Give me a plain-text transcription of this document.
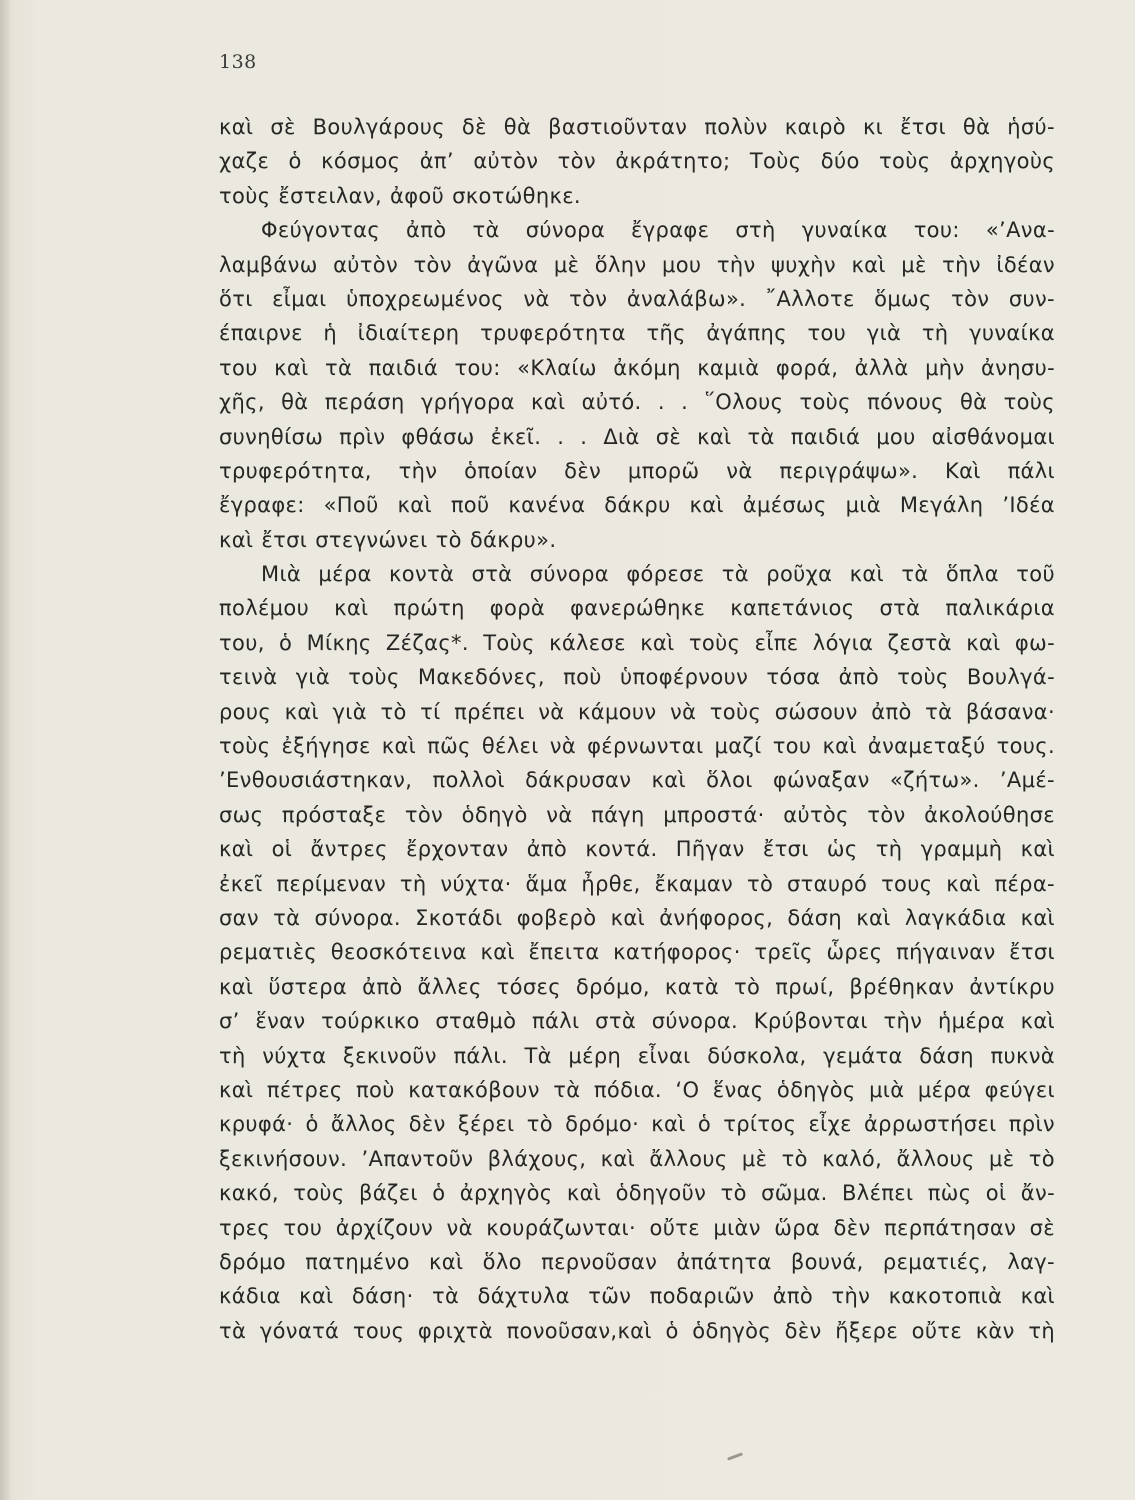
138
καὶ σὲ Βουλγάρους δὲ θὰ βαστιοῦνταν πολὺν καιρὸ κι ἔτσι θὰ ἡσύ-
χαζε ὁ κόσμος ἀπ’ αὐτὸν τὸν ἀκράτητο; Τοὺς δύο τοὺς ἀρχηγοὺς
τοὺς ἔστειλαν, ἀφοῦ σκοτώθηκε.
Φεύγοντας ἀπὸ τὰ σύνορα ἔγραφε στὴ γυναίκα του: «’Ανα-
λαμβάνω αὐτὸν τὸν ἀγῶνα μὲ ὅλην μου τὴν ψυχὴν καὶ μὲ τὴν ἰδέαν
ὅτι εἶμαι ὑποχρεωμένος νὰ τὸν ἀναλάβω». ῎Αλλοτε ὅμως τὸν συν-
έπαιρνε ἡ ἰδιαίτερη τρυφερότητα τῆς ἀγάπης του γιὰ τὴ γυναίκα
του καὶ τὰ παιδιά του: «Κλαίω ἀκόμη καμιὰ φορά, ἀλλὰ μὴν ἀνησυ-
χῆς, θὰ περάση γρήγορα καὶ αὐτό. . . ῞Ολους τοὺς πόνους θὰ τοὺς
συνηθίσω πρὶν φθάσω ἐκεῖ. . . Διὰ σὲ καὶ τὰ παιδιά μου αἰσθάνομαι
τρυφερότητα, τὴν ὁποίαν δὲν μπορῶ νὰ περιγράψω». Καὶ πάλι
ἔγραφε: «Ποῦ καὶ ποῦ κανένα δάκρυ καὶ ἀμέσως μιὰ Μεγάλη ’Ιδέα
καὶ ἔτσι στεγνώνει τὸ δάκρυ».
Μιὰ μέρα κοντὰ στὰ σύνορα φόρεσε τὰ ροῦχα καὶ τὰ ὅπλα τοῦ
πολέμου καὶ πρώτη φορὰ φανερώθηκε καπετάνιος στὰ παλικάρια
του, ὁ Μίκης Ζέζας*. Τοὺς κάλεσε καὶ τοὺς εἶπε λόγια ζεστὰ καὶ φω-
τεινὰ γιὰ τοὺς Μακεδόνες, ποὺ ὑποφέρνουν τόσα ἀπὸ τοὺς Βουλγά-
ρους καὶ γιὰ τὸ τί πρέπει νὰ κάμουν νὰ τοὺς σώσουν ἀπὸ τὰ βάσανα·
τοὺς ἐξήγησε καὶ πῶς θέλει νὰ φέρνωνται μαζί του καὶ ἀναμεταξύ τους.
’Ενθουσιάστηκαν, πολλοὶ δάκρυσαν καὶ ὅλοι φώναξαν «ζήτω». ’Αμέ-
σως πρόσταξε τὸν ὁδηγὸ νὰ πάγη μπροστά· αὐτὸς τὸν ἀκολούθησε
καὶ οἱ ἄντρες ἔρχονταν ἀπὸ κοντά. Πῆγαν ἔτσι ὡς τὴ γραμμὴ καὶ
ἐκεῖ περίμεναν τὴ νύχτα· ἅμα ἦρθε, ἔκαμαν τὸ σταυρό τους καὶ πέρα-
σαν τὰ σύνορα. Σκοτάδι φοβερὸ καὶ ἀνήφορος, δάση καὶ λαγκάδια καὶ
ρεματιὲς θεοσκότεινα καὶ ἔπειτα κατήφορος· τρεῖς ὧρες πήγαιναν ἔτσι
καὶ ὕστερα ἀπὸ ἄλλες τόσες δρόμο, κατὰ τὸ πρωί, βρέθηκαν ἀντίκρυ
σ’ ἕναν τούρκικο σταθμὸ πάλι στὰ σύνορα. Κρύβονται τὴν ἡμέρα καὶ
τὴ νύχτα ξεκινοῦν πάλι. Τὰ μέρη εἶναι δύσκολα, γεμάτα δάση πυκνὰ
καὶ πέτρες ποὺ κατακόβουν τὰ πόδια. ‘Ο ἕνας ὁδηγὸς μιὰ μέρα φεύγει
κρυφά· ὁ ἄλλος δὲν ξέρει τὸ δρόμο· καὶ ὁ τρίτος εἶχε ἀρρωστήσει πρὶν
ξεκινήσουν. ’Απαντοῦν βλάχους, καὶ ἄλλους μὲ τὸ καλό, ἄλλους μὲ τὸ
κακό, τοὺς βάζει ὁ ἀρχηγὸς καὶ ὁδηγοῦν τὸ σῶμα. Βλέπει πὼς οἱ ἄν-
τρες του ἀρχίζουν νὰ κουράζωνται· οὔτε μιὰν ὥρα δὲν περπάτησαν σὲ
δρόμο πατημένο καὶ ὅλο περνοῦσαν ἀπάτητα βουνά, ρεματιές, λαγ-
κάδια καὶ δάση· τὰ δάχτυλα τῶν ποδαριῶν ἀπὸ τὴν κακοτοπιὰ καὶ
τὰ γόνατά τους φριχτὰ πονοῦσαν,καὶ ὁ ὁδηγὸς δὲν ἤξερε οὔτε κὰν τὴ
